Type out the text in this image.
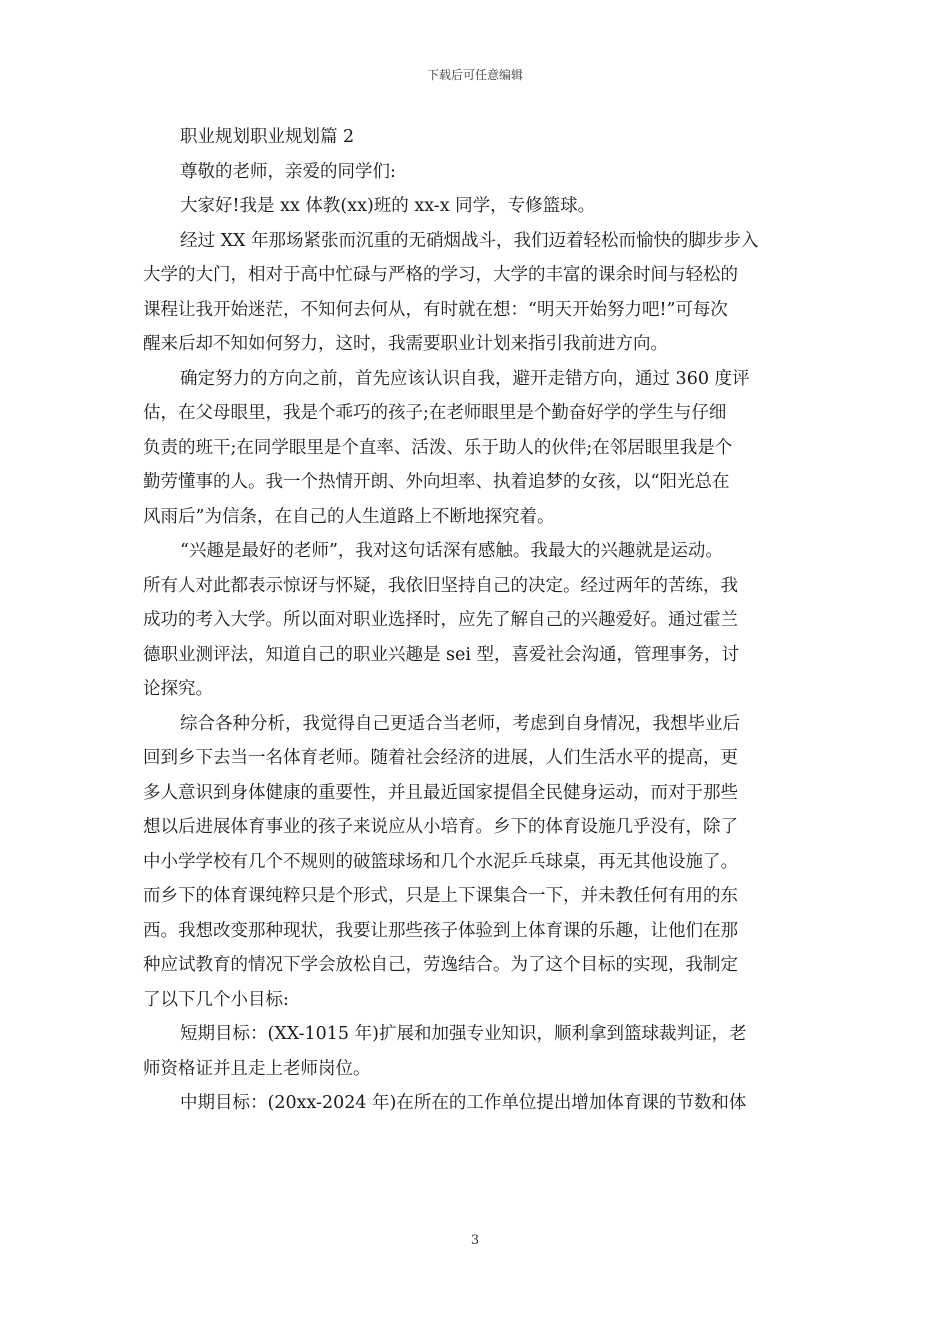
下载后可任意编辑
职业规划职业规划篇 2
尊敬的老师，亲爱的同学们:
大家好!我是 xx 体教(xx)班的 xx-x 同学，专修篮球。
经过 XX 年那场紧张而沉重的无硝烟战斗，我们迈着轻松而愉快的脚步步入
大学的大门，相对于高中忙碌与严格的学习，大学的丰富的课余时间与轻松的
课程让我开始迷茫，不知何去何从，有时就在想：“明天开始努力吧!”可每次
醒来后却不知如何努力，这时，我需要职业计划来指引我前进方向。
确定努力的方向之前，首先应该认识自我，避开走错方向，通过 360 度评
估，在父母眼里，我是个乖巧的孩子;在老师眼里是个勤奋好学的学生与仔细
负责的班干;在同学眼里是个直率、活泼、乐于助人的伙伴;在邻居眼里我是个
勤劳懂事的人。我一个热情开朗、外向坦率、执着追梦的女孩，以“阳光总在
风雨后”为信条，在自己的人生道路上不断地探究着。
“兴趣是最好的老师”，我对这句话深有感触。我最大的兴趣就是运动。
所有人对此都表示惊讶与怀疑，我依旧坚持自己的决定。经过两年的苦练，我
成功的考入大学。所以面对职业选择时，应先了解自己的兴趣爱好。通过霍兰
德职业测评法，知道自己的职业兴趣是 sei 型，喜爱社会沟通，管理事务，讨
论探究。
综合各种分析，我觉得自己更适合当老师，考虑到自身情况，我想毕业后
回到乡下去当一名体育老师。随着社会经济的进展，人们生活水平的提高，更
多人意识到身体健康的重要性，并且最近国家提倡全民健身运动，而对于那些
想以后进展体育事业的孩子来说应从小培育。乡下的体育设施几乎没有，除了
中小学学校有几个不规则的破篮球场和几个水泥乒乓球桌，再无其他设施了。
而乡下的体育课纯粹只是个形式，只是上下课集合一下，并未教任何有用的东
西。我想改变那种现状，我要让那些孩子体验到上体育课的乐趣，让他们在那
种应试教育的情况下学会放松自己，劳逸结合。为了这个目标的实现，我制定
了以下几个小目标:
短期目标：(XX-1015 年)扩展和加强专业知识，顺利拿到篮球裁判证，老
师资格证并且走上老师岗位。
中期目标：(20xx-2024 年)在所在的工作单位提出增加体育课的节数和体
3
